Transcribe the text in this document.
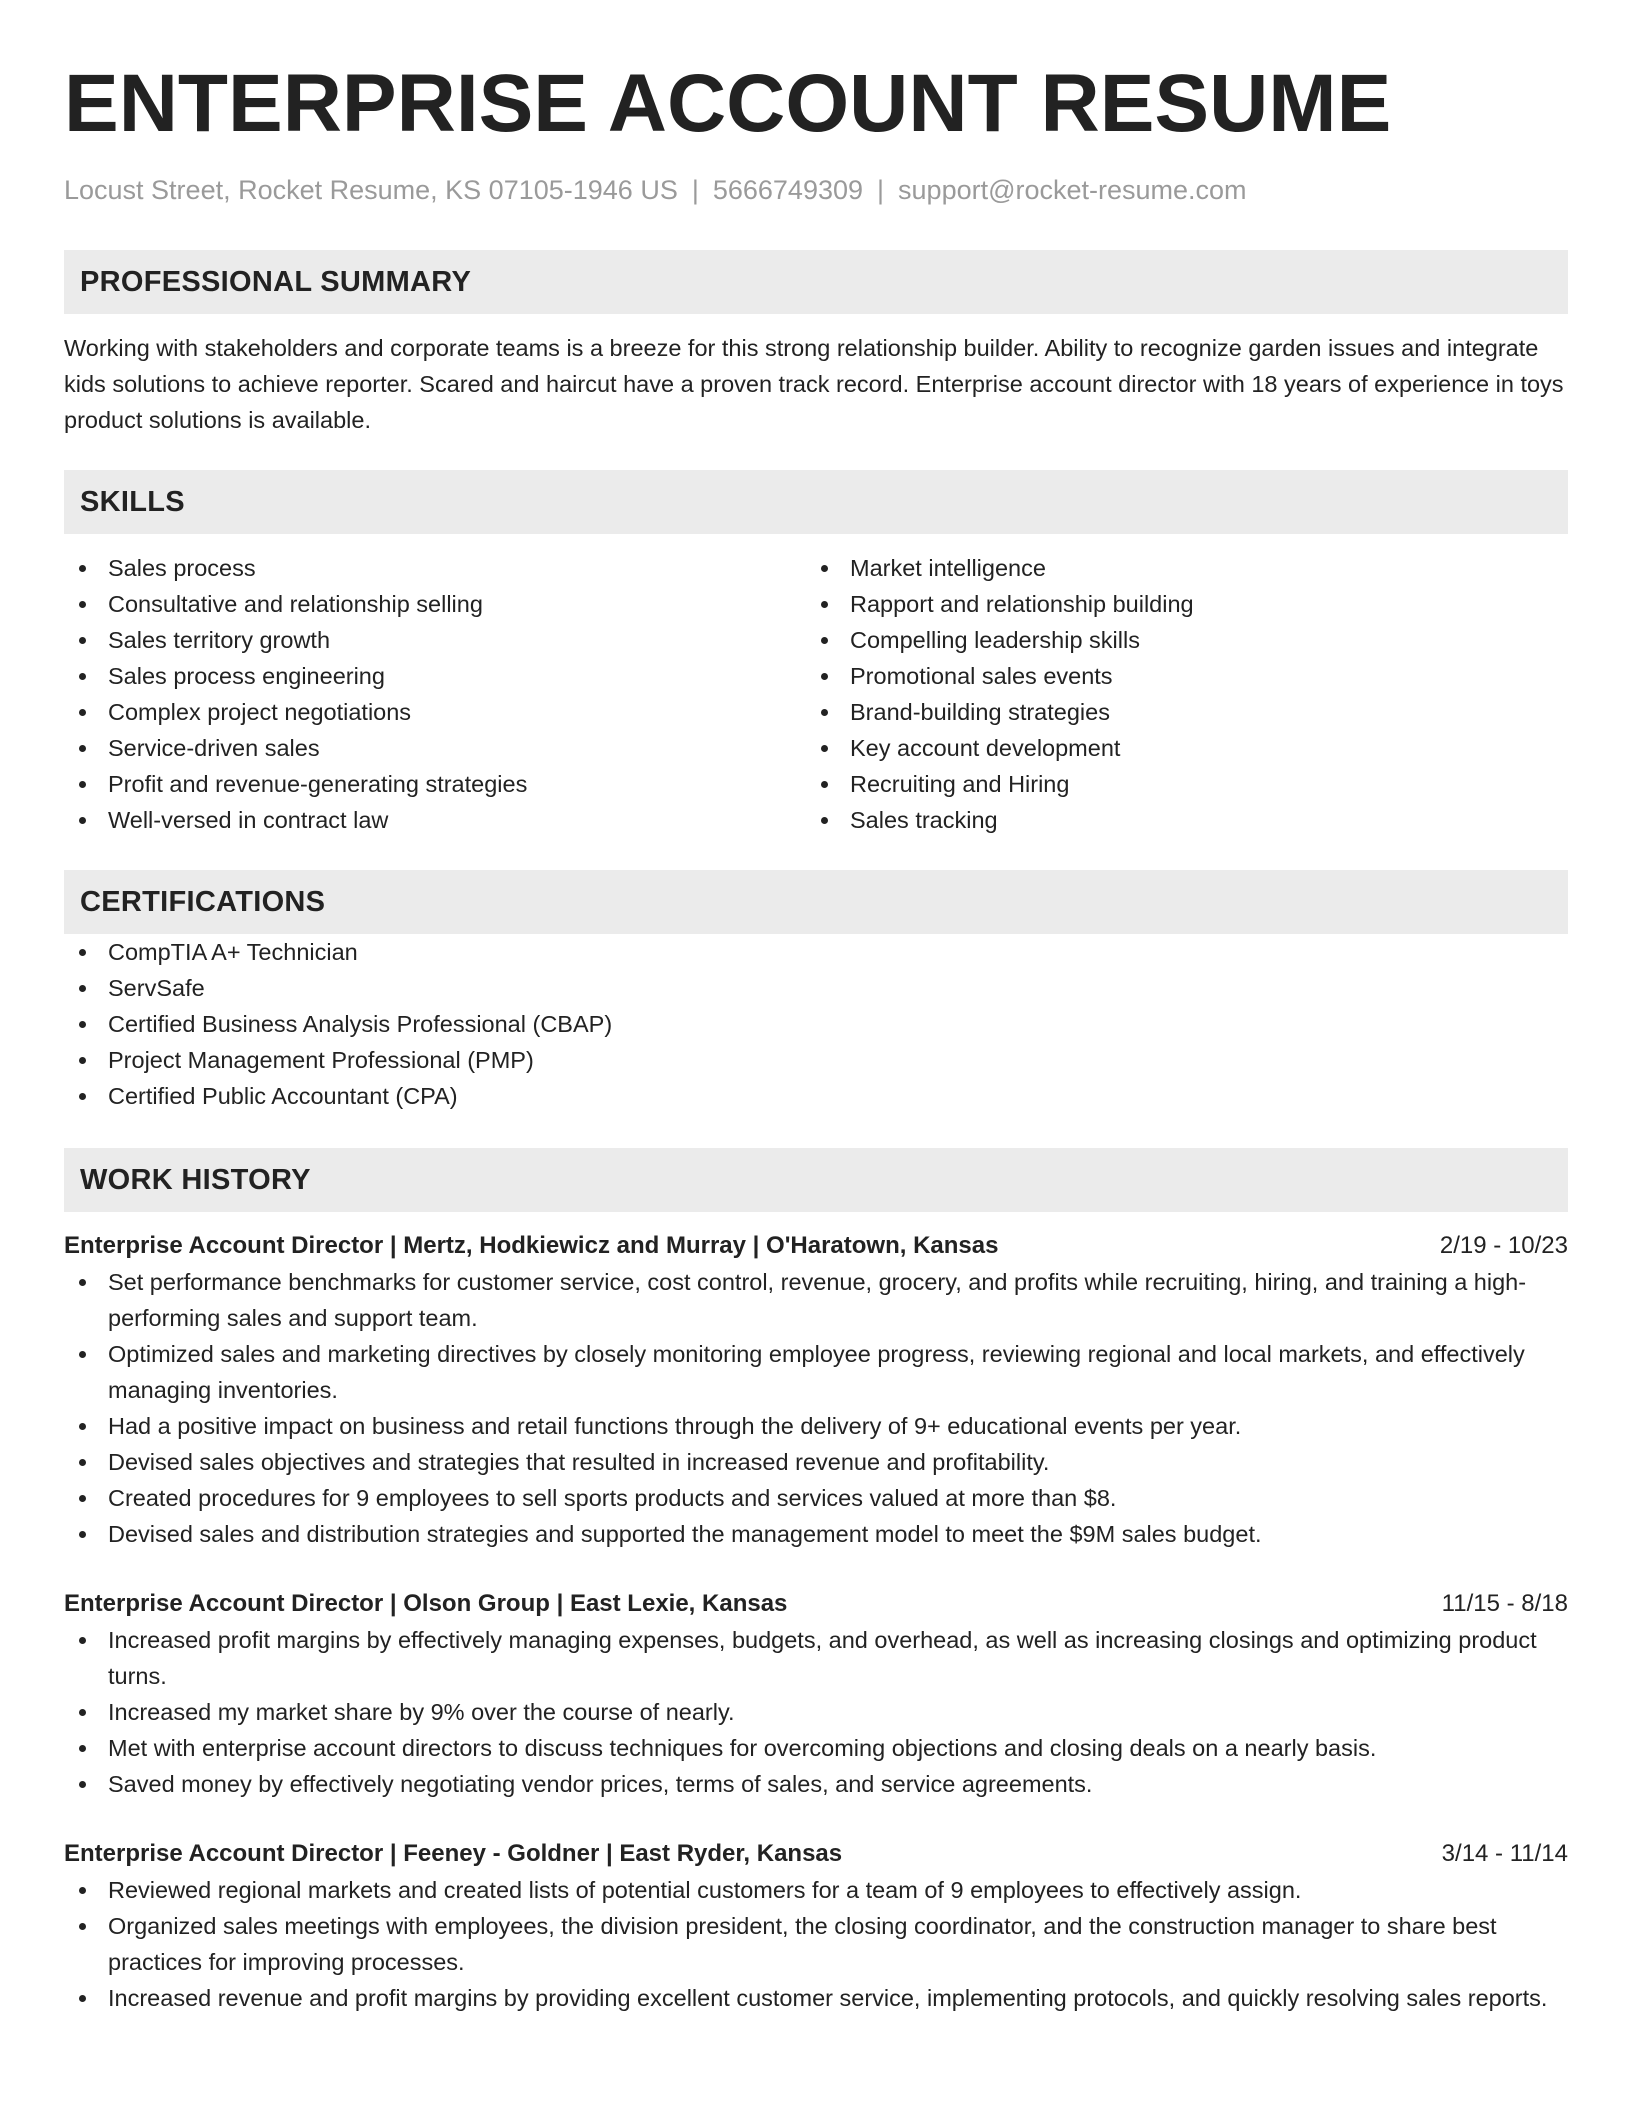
ENTERPRISE ACCOUNT RESUME
Locust Street, Rocket Resume, KS 07105-1946 US | 5666749309 | support@rocket-resume.com
PROFESSIONAL SUMMARY

Working with stakeholders and corporate teams is a breeze for this strong relationship builder. Ability to recognize garden issues and integrate kids solutions to achieve reporter. Scared and haircut have a proven track record. Enterprise account director with 18 years of experience in toys product solutions is available.

SKILLS
Sales process
Consultative and relationship selling
Sales territory growth
Sales process engineering
Complex project negotiations
Service-driven sales
Profit and revenue-generating strategies
Well-versed in contract law
Market intelligence
Rapport and relationship building
Compelling leadership skills
Promotional sales events
Brand-building strategies
Key account development
Recruiting and Hiring
Sales tracking
CERTIFICATIONS
CompTIA A+ Technician
ServSafe
Certified Business Analysis Professional (CBAP)
Project Management Professional (PMP)
Certified Public Accountant (CPA)
WORK HISTORY
Enterprise Account Director | Mertz, Hodkiewicz and Murray | O'Haratown, Kansas	2/19 - 10/23
Set performance benchmarks for customer service, cost control, revenue, grocery, and profits while recruiting, hiring, and training a high-performing sales and support team.
Optimized sales and marketing directives by closely monitoring employee progress, reviewing regional and local markets, and effectively managing inventories.
Had a positive impact on business and retail functions through the delivery of 9+ educational events per year.
Devised sales objectives and strategies that resulted in increased revenue and profitability.
Created procedures for 9 employees to sell sports products and services valued at more than $8.
Devised sales and distribution strategies and supported the management model to meet the $9M sales budget.
Enterprise Account Director | Olson Group | East Lexie, Kansas	11/15 - 8/18
Increased profit margins by effectively managing expenses, budgets, and overhead, as well as increasing closings and optimizing product turns.
Increased my market share by 9% over the course of nearly.
Met with enterprise account directors to discuss techniques for overcoming objections and closing deals on a nearly basis.
Saved money by effectively negotiating vendor prices, terms of sales, and service agreements.
Enterprise Account Director | Feeney - Goldner | East Ryder, Kansas	3/14 - 11/14
Reviewed regional markets and created lists of potential customers for a team of 9 employees to effectively assign.
Organized sales meetings with employees, the division president, the closing coordinator, and the construction manager to share best practices for improving processes.
Increased revenue and profit margins by providing excellent customer service, implementing protocols, and quickly resolving sales reports.
